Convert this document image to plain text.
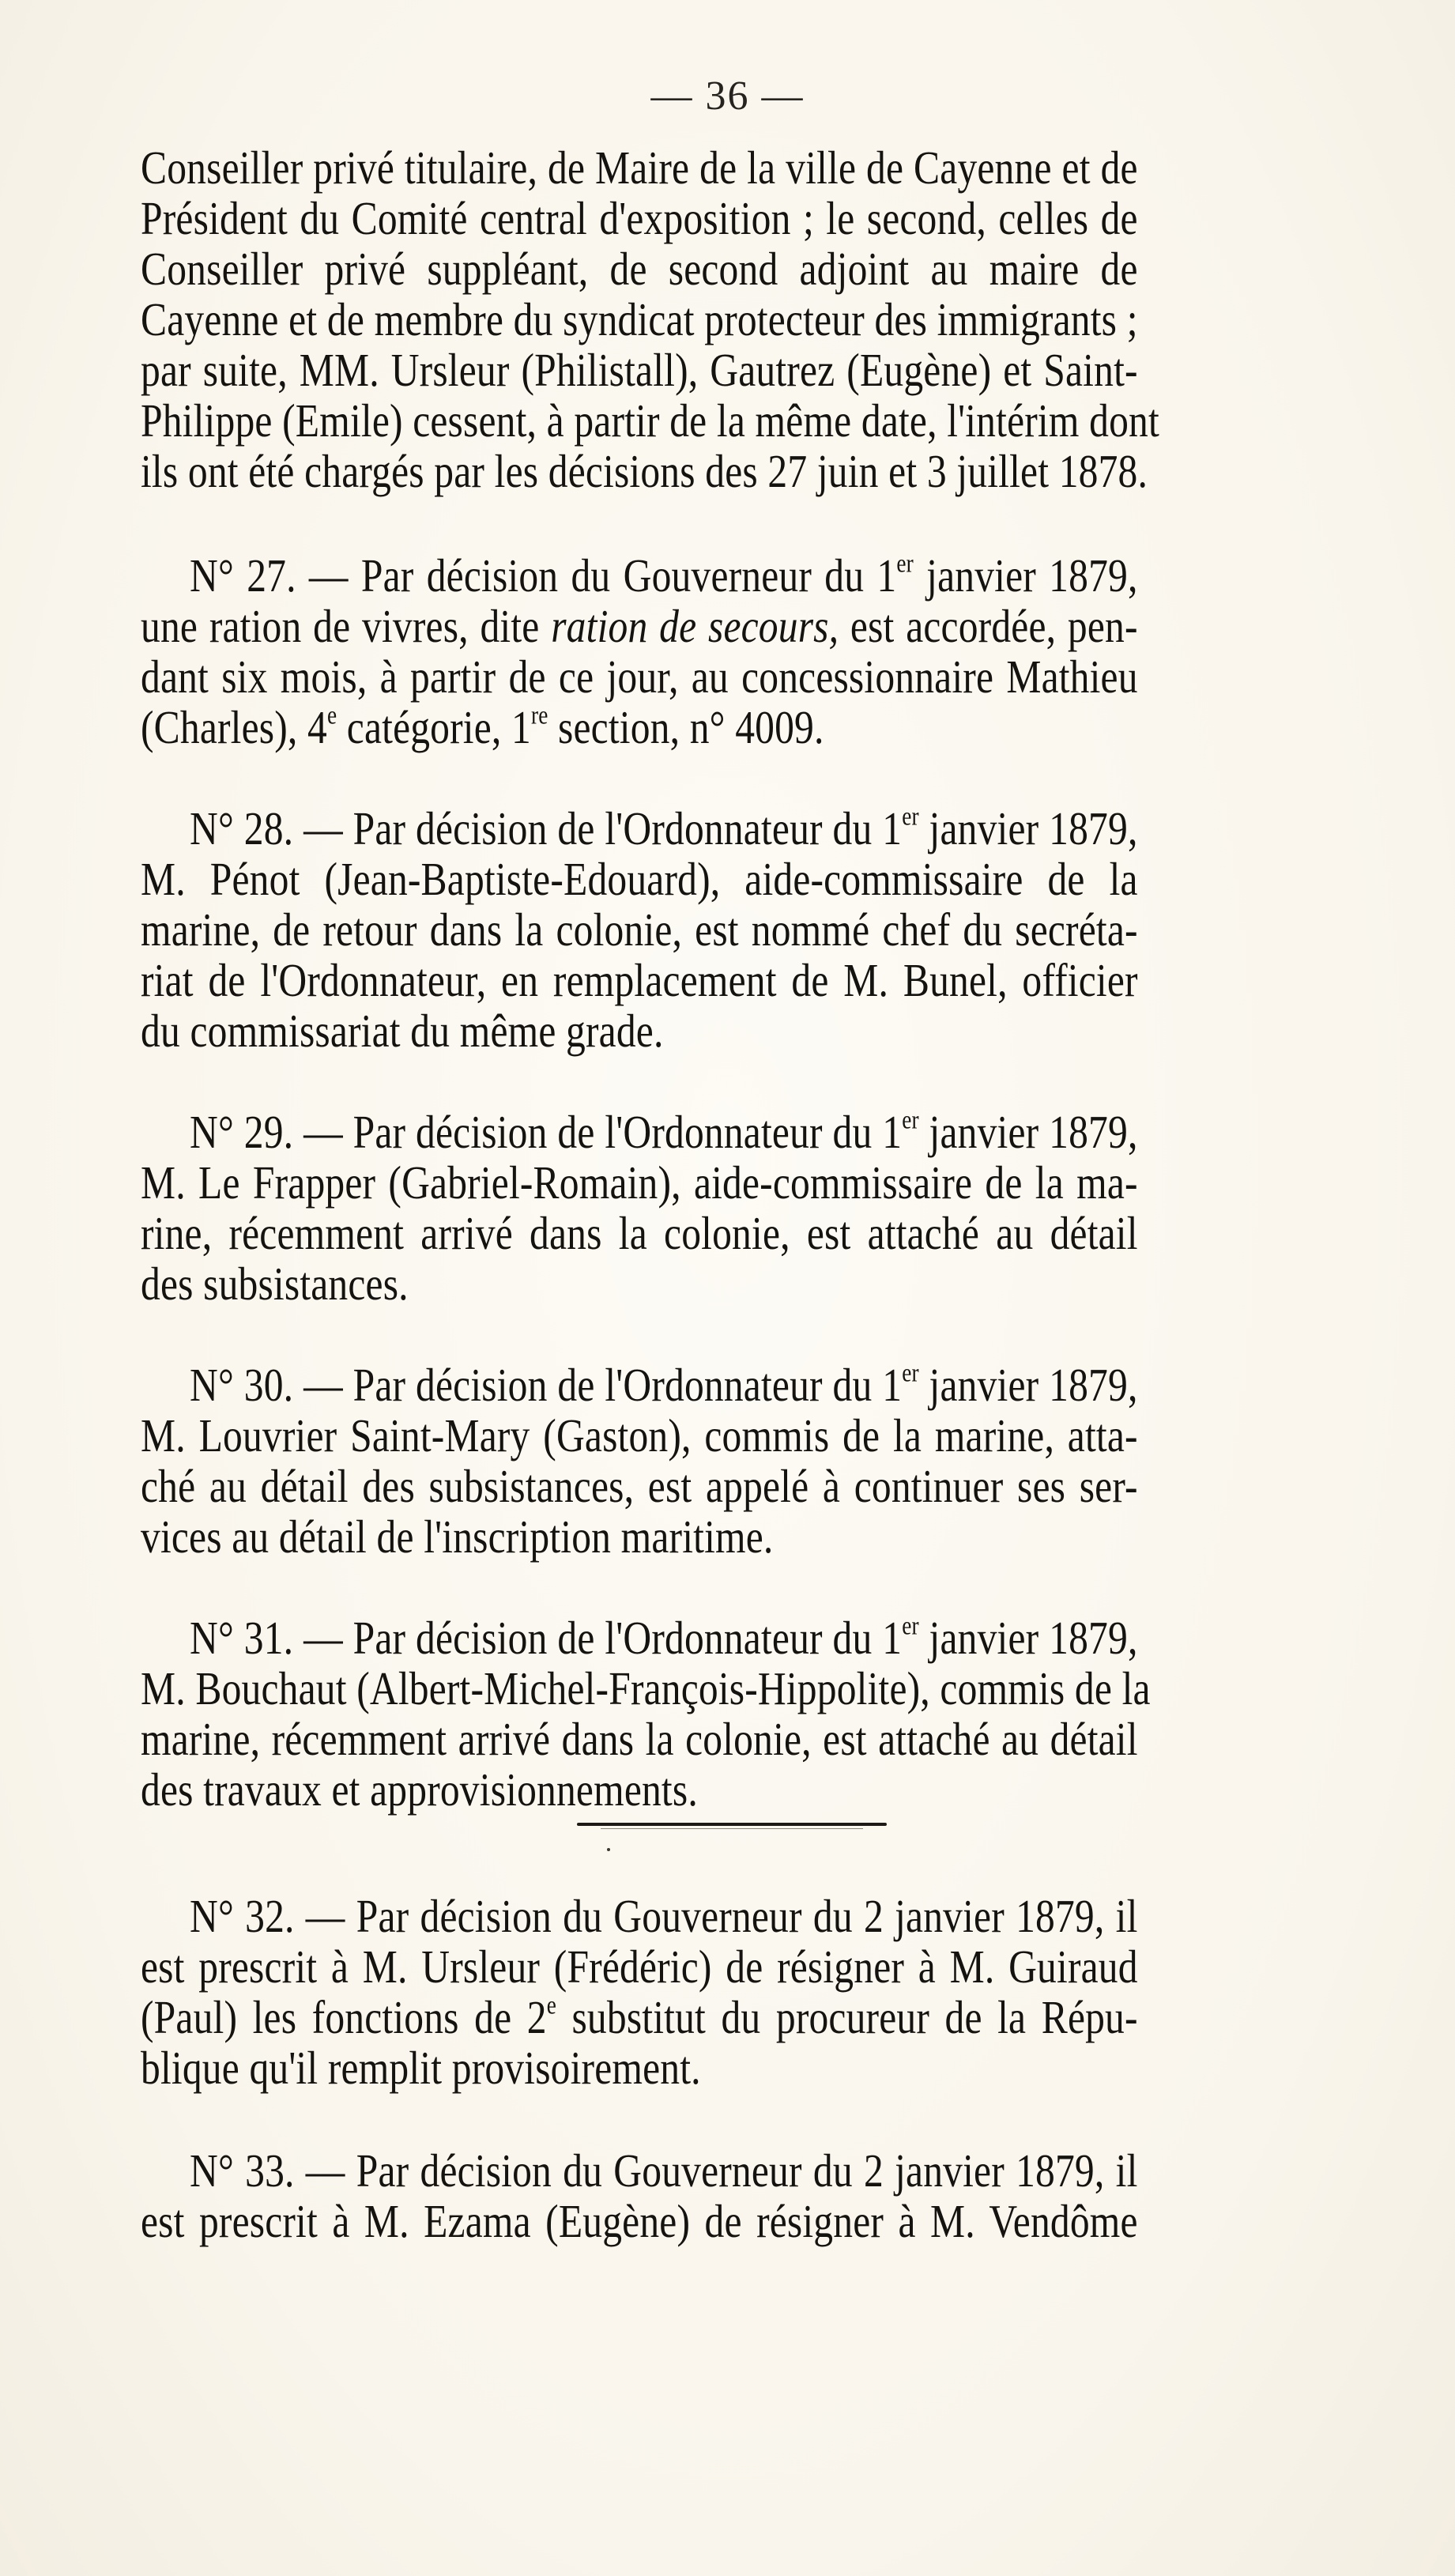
— 36 —
Conseiller privé titulaire, de Maire de la ville de Cayenne et de
Président du Comité central d'exposition ; le second, celles de
Conseiller privé suppléant, de second adjoint au maire de
Cayenne et de membre du syndicat protecteur des immigrants ;
par suite, MM. Ursleur (Philistall), Gautrez (Eugène) et Saint-
Philippe (Emile) cessent, à partir de la même date, l'intérim dont
ils ont été chargés par les décisions des 27 juin et 3 juillet 1878.
N° 27. — Par décision du Gouverneur du 1er janvier 1879,
une ration de vivres, dite ration de secours, est accordée, pen-
dant six mois, à partir de ce jour, au concessionnaire Mathieu
(Charles), 4e catégorie, 1re section, n° 4009.
N° 28. — Par décision de l'Ordonnateur du 1er janvier 1879,
M. Pénot (Jean-Baptiste-Edouard), aide-commissaire de la
marine, de retour dans la colonie, est nommé chef du secréta-
riat de l'Ordonnateur, en remplacement de M. Bunel, officier
du commissariat du même grade.
N° 29. — Par décision de l'Ordonnateur du 1er janvier 1879,
M. Le Frapper (Gabriel-Romain), aide-commissaire de la ma-
rine, récemment arrivé dans la colonie, est attaché au détail
des subsistances.
N° 30. — Par décision de l'Ordonnateur du 1er janvier 1879,
M. Louvrier Saint-Mary (Gaston), commis de la marine, atta-
ché au détail des subsistances, est appelé à continuer ses ser-
vices au détail de l'inscription maritime.
N° 31. — Par décision de l'Ordonnateur du 1er janvier 1879,
M. Bouchaut (Albert-Michel-François-Hippolite), commis de la
marine, récemment arrivé dans la colonie, est attaché au détail
des travaux et approvisionnements.
N° 32. — Par décision du Gouverneur du 2 janvier 1879, il
est prescrit à M. Ursleur (Frédéric) de résigner à M. Guiraud
(Paul) les fonctions de 2e substitut du procureur de la Répu-
blique qu'il remplit provisoirement.
N° 33. — Par décision du Gouverneur du 2 janvier 1879, il
est prescrit à M. Ezama (Eugène) de résigner à M. Vendôme
